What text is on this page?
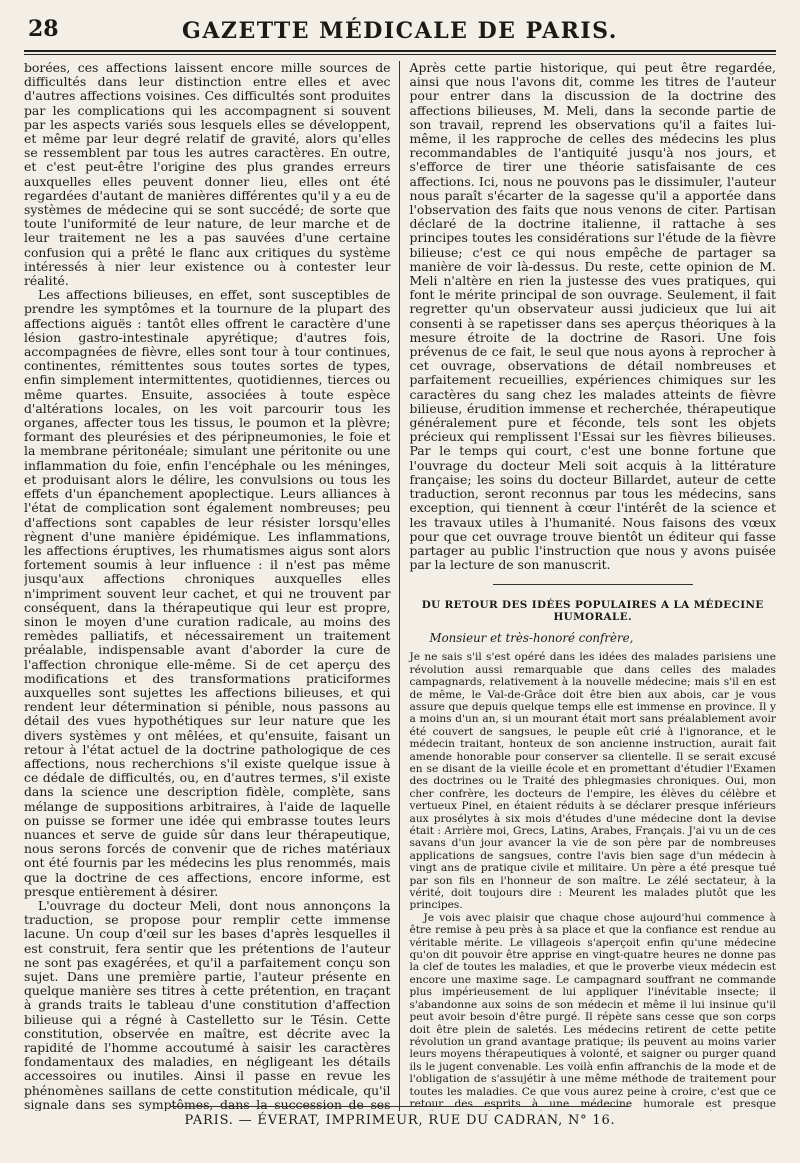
28	GAZETTE MÉDICALE DE PARIS.

borées, ces affections laissent encore mille sources de difficultés dans leur distinction entre elles et avec d'autres affections voisines. Ces difficultés sont produites par les complications qui les accompagnent si souvent par les aspects variés sous lesquels elles se développent, et même par leur degré relatif de gravité, alors qu'elles se ressemblent par tous les autres caractères. En outre, et c'est peut-être l'origine des plus grandes erreurs auxquelles elles peuvent donner lieu, elles ont été regardées d'autant de manières différentes qu'il y a eu de systèmes de médecine qui se sont succédé; de sorte que toute l'uniformité de leur nature, de leur marche et de leur traitement ne les a pas sauvées d'une certaine confusion qui a prêté le flanc aux critiques du système intéressés à nier leur existence ou à contester leur réalité.

Les affections bilieuses, en effet, sont susceptibles de prendre les symptômes et la tournure de la plupart des affections aiguës : tantôt elles offrent le caractère d'une lésion gastro-intestinale apyrétique; d'autres fois, accompagnées de fièvre, elles sont tour à tour continues, continentes, rémittentes sous toutes sortes de types, enfin simplement intermittentes, quotidiennes, tierces ou même quartes. Ensuite, associées à toute espèce d'altérations locales, on les voit parcourir tous les organes, affecter tous les tissus, le poumon et la plèvre; formant des pleurésies et des péripneumonies, le foie et la membrane péritonéale; simulant une péritonite ou une inflammation du foie, enfin l'encéphale ou les méninges, et produisant alors le délire, les convulsions ou tous les effets d'un épanchement apoplectique. Leurs alliances à l'état de complication sont également nombreuses; peu d'affections sont capables de leur résister lorsqu'elles règnent d'une manière épidémique. Les inflammations, les affections éruptives, les rhumatismes aigus sont alors fortement soumis à leur influence : il n'est pas même jusqu'aux affections chroniques auxquelles elles n'impriment souvent leur cachet, et qui ne trouvent par conséquent, dans la thérapeutique qui leur est propre, sinon le moyen d'une curation radicale, au moins des remèdes palliatifs, et nécessairement un traitement préalable, indispensable avant d'aborder la cure de l'affection chronique elle-même. Si de cet aperçu des modifications et des transformations praticiformes auxquelles sont sujettes les affections bilieuses, et qui rendent leur détermination si pénible, nous passons au détail des vues hypothétiques sur leur nature que les divers systèmes y ont mêlées, et qu'ensuite, faisant un retour à l'état actuel de la doctrine pathologique de ces affections, nous recherchions s'il existe quelque issue à ce dédale de difficultés, ou, en d'autres termes, s'il existe dans la science une description fidèle, complète, sans mélange de suppositions arbitraires, à l'aide de laquelle on puisse se former une idée qui embrasse toutes leurs nuances et serve de guide sûr dans leur thérapeutique, nous serons forcés de convenir que de riches matériaux ont été fournis par les médecins les plus renommés, mais que la doctrine de ces affections, encore informe, est presque entièrement à désirer.

L'ouvrage du docteur Meli, dont nous annonçons la traduction, se propose pour remplir cette immense lacune. Un coup d'œil sur les bases d'après lesquelles il est construit, fera sentir que les prétentions de l'auteur ne sont pas exagérées, et qu'il a parfaitement conçu son sujet. Dans une première partie, l'auteur présente en quelque manière ses titres à cette prétention, en traçant à grands traits le tableau d'une constitution d'affection bilieuse qui a régné à Castelletto sur le Tésin. Cette constitution, observée en maître, est décrite avec la rapidité de l'homme accoutumé à saisir les caractères fondamentaux des maladies, en négligeant les détails accessoires ou inutiles. Ainsi il passe en revue les phénomènes saillans de cette constitution médicale, qu'il signale dans ses symptômes, dans la succession de ses

Après cette partie historique, qui peut être regardée, ainsi que nous l'avons dit, comme les titres de l'auteur pour entrer dans la discussion de la doctrine des affections bilieuses, M. Meli, dans la seconde partie de son travail, reprend les observations qu'il a faites lui-même, il les rapproche de celles des médecins les plus recommandables de l'antiquité jusqu'à nos jours, et s'efforce de tirer une théorie satisfaisante de ces affections. Ici, nous ne pouvons pas le dissimuler, l'auteur nous paraît s'écarter de la sagesse qu'il a apportée dans l'observation des faits que nous venons de citer. Partisan déclaré de la doctrine italienne, il rattache à ses principes toutes les considérations sur l'étude de la fièvre bilieuse; c'est ce qui nous empêche de partager sa manière de voir là-dessus. Du reste, cette opinion de M. Meli n'altère en rien la justesse des vues pratiques, qui font le mérite principal de son ouvrage. Seulement, il fait regretter qu'un observateur aussi judicieux que lui ait consenti à se rapetisser dans ses aperçus théoriques à la mesure étroite de la doctrine de Rasori. Une fois prévenus de ce fait, le seul que nous ayons à reprocher à cet ouvrage, observations de détail nombreuses et parfaitement recueillies, expériences chimiques sur les caractères du sang chez les malades atteints de fièvre bilieuse, érudition immense et recherchée, thérapeutique généralement pure et féconde, tels sont les objets précieux qui remplissent l'Essai sur les fièvres bilieuses. Par le temps qui court, c'est une bonne fortune que l'ouvrage du docteur Meli soit acquis à la littérature française; les soins du docteur Billardet, auteur de cette traduction, seront reconnus par tous les médecins, sans exception, qui tiennent à cœur l'intérêt de la science et les travaux utiles à l'humanité. Nous faisons des vœux pour que cet ouvrage trouve bientôt un éditeur qui fasse partager au public l'instruction que nous y avons puisée par la lecture de son manuscrit.

DU RETOUR DES IDÉES POPULAIRES A LA MÉDECINE HUMORALE.
Monsieur et très-honoré confrère,

Je ne sais s'il s'est opéré dans les idées des malades parisiens une révolution aussi remarquable que dans celles des malades campagnards, relativement à la nouvelle médecine; mais s'il en est de même, le Val-de-Grâce doit être bien aux abois, car je vous assure que depuis quelque temps elle est immense en province. Il y a moins d'un an, si un mourant était mort sans préalablement avoir été couvert de sangsues, le peuple eût crié à l'ignorance, et le médecin traitant, honteux de son ancienne instruction, aurait fait amende honorable pour conserver sa clientelle. Il se serait excusé en se disant de la vieille école et en promettant d'étudier l'Examen des doctrines ou le Traité des phlegmasies chroniques. Oui, mon cher confrère, les docteurs de l'empire, les élèves du célèbre et vertueux Pinel, en étaient réduits à se déclarer presque inférieurs aux prosélytes à six mois d'études d'une médecine dont la devise était : Arrière moi, Grecs, Latins, Arabes, Français. J'ai vu un de ces savans d'un jour avancer la vie de son père par de nombreuses applications de sangsues, contre l'avis bien sage d'un médecin à vingt ans de pratique civile et militaire. Un père a été presque tué par son fils en l'honneur de son maître. Le zélé sectateur, à la vérité, doit toujours dire : Meurent les malades plutôt que les principes.

Je vois avec plaisir que chaque chose aujourd'hui commence à être remise à peu près à sa place et que la confiance est rendue au véritable mérite. Le villageois s'aperçoit enfin qu'une médecine qu'on dit pouvoir être apprise en vingt-quatre heures ne donne pas la clef de toutes les maladies, et que le proverbe vieux médecin est encore une maxime sage. Le campagnard souffrant ne commande plus impérieusement de lui appliquer l'inévitable insecte; il s'abandonne aux soins de son médecin et même il lui insinue qu'il peut avoir besoin d'être purgé. Il répète sans cesse que son corps doit être plein de saletés. Les médecins retirent de cette petite révolution un grand avantage pratique; ils peuvent au moins varier leurs moyens thérapeutiques à volonté, et saigner ou purger quand ils le jugent convenable. Les voilà enfin affranchis de la mode et de l'obligation de s'assujétir à une même méthode de traitement pour toutes les maladies. Ce que vous aurez peine à croire, c'est que ce retour des esprits à une médecine humorale est presque

PARIS. — ÉVERAT, IMPRIMEUR, RUE DU CADRAN, N° 16.
